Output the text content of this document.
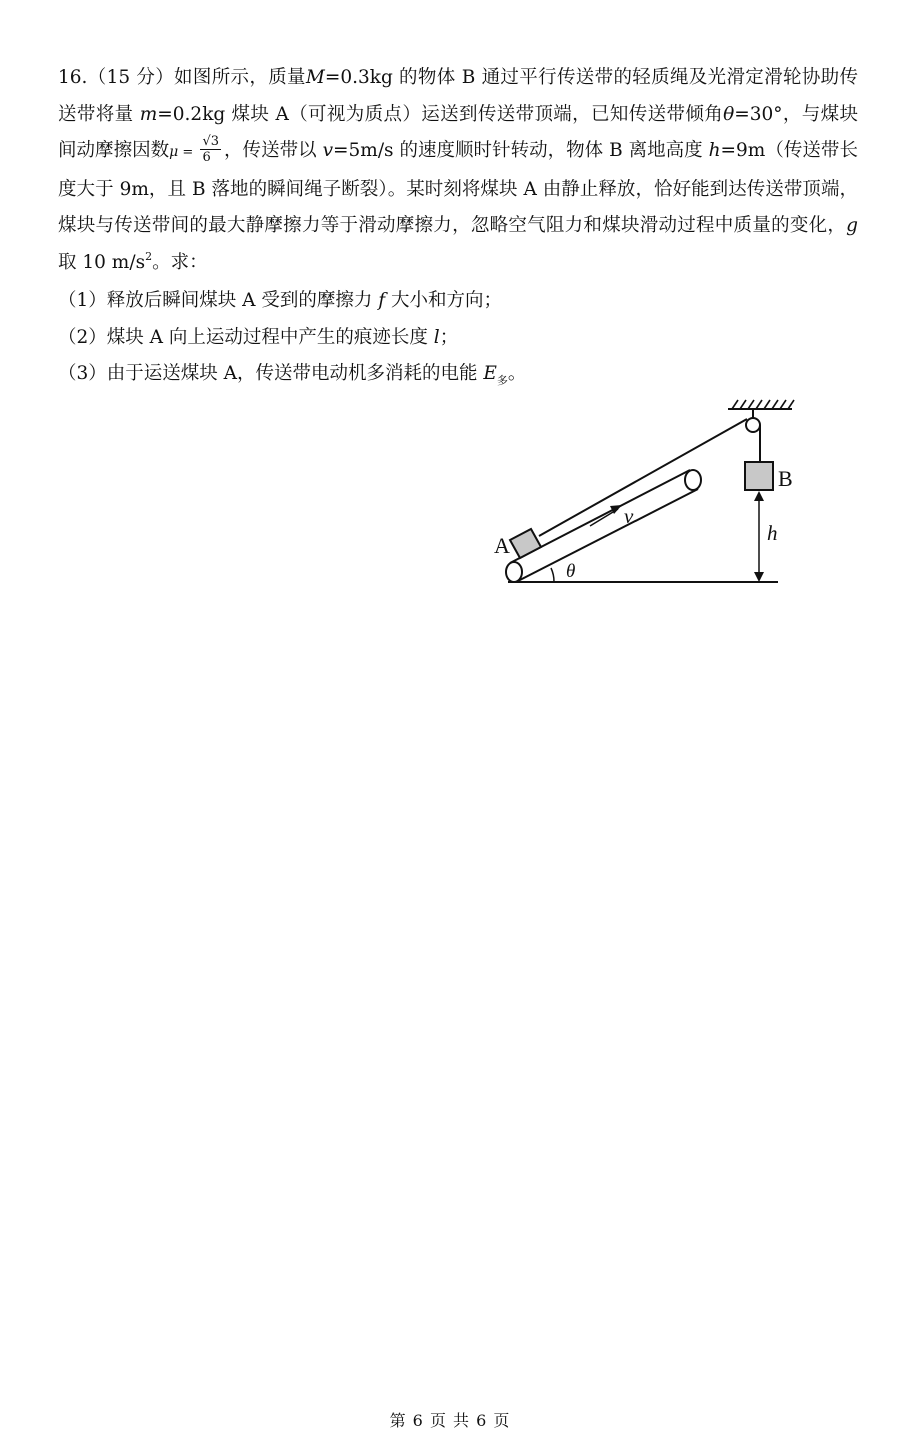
16.（15 分）如图所示，质量M=0.3kg 的物体 B 通过平行传送带的轻质绳及光滑定滑轮协助传送带将量 m=0.2kg 煤块 A（可视为质点）运送到传送带顶端，已知传送带倾角θ=30°，与煤块间动摩擦因数$\mu = \frac{√3}{6}$ ，传送带以 v=5m/s 的速度顺时针转动，物体 B 离地高度 h=9m（传送带长度大于 9m，且 B 落地的瞬间绳子断裂）。某时刻将煤块 A 由静止释放，恰好能到达传送带顶端，煤块与传送带间的最大静摩擦力等于滑动摩擦力，忽略空气阻力和煤块滑动过程中质量的变化，g 取 10 $m/s^2$。求：

（1）释放后瞬间煤块 A 受到的摩擦力 f 大小和方向；

（2）煤块 A 向上运动过程中产生的痕迹长度 l；

（3）由于运送煤块 A，传送带电动机多消耗的电能 $E_多$。

A
B
v
h
θ
第 6 页 共 6 页
